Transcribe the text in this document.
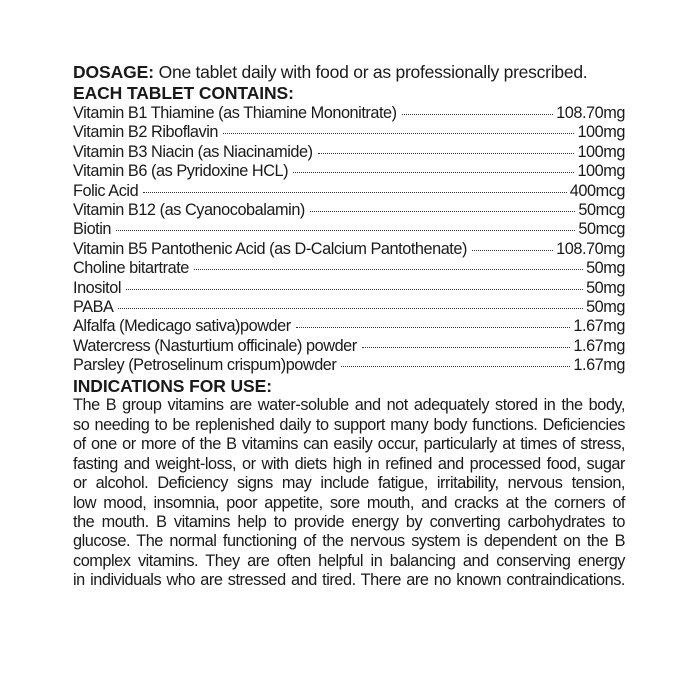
DOSAGE: One tablet daily with food or as professionally prescribed.
EACH TABLET CONTAINS:
Vitamin B1 Thiamine (as Thiamine Mononitrate)	108.70mg
Vitamin B2 Riboflavin	100mg
Vitamin B3 Niacin (as Niacinamide)	100mg
Vitamin B6 (as Pyridoxine HCL)	100mg
Folic Acid	400mcg
Vitamin B12 (as Cyanocobalamin)	50mcg
Biotin	50mcg
Vitamin B5 Pantothenic Acid (as D-Calcium Pantothenate)	108.70mg
Choline bitartrate	50mg
Inositol	50mg
PABA	50mg
Alfalfa (Medicago sativa)powder	1.67mg
Watercress (Nasturtium officinale) powder	1.67mg
Parsley (Petroselinum crispum)powder	1.67mg
INDICATIONS FOR USE:
The B group vitamins are water-soluble and not adequately stored in the body,
so needing to be replenished daily to support many body functions. Deficiencies
of one or more of the B vitamins can easily occur, particularly at times of stress,
fasting and weight-loss, or with diets high in refined and processed food, sugar
or alcohol. Deficiency signs may include fatigue, irritability, nervous tension,
low mood, insomnia, poor appetite, sore mouth, and cracks at the corners of
the mouth. B vitamins help to provide energy by converting carbohydrates to
glucose. The normal functioning of the nervous system is dependent on the B
complex vitamins. They are often helpful in balancing and conserving energy
in individuals who are stressed and tired. There are no known contraindications.
